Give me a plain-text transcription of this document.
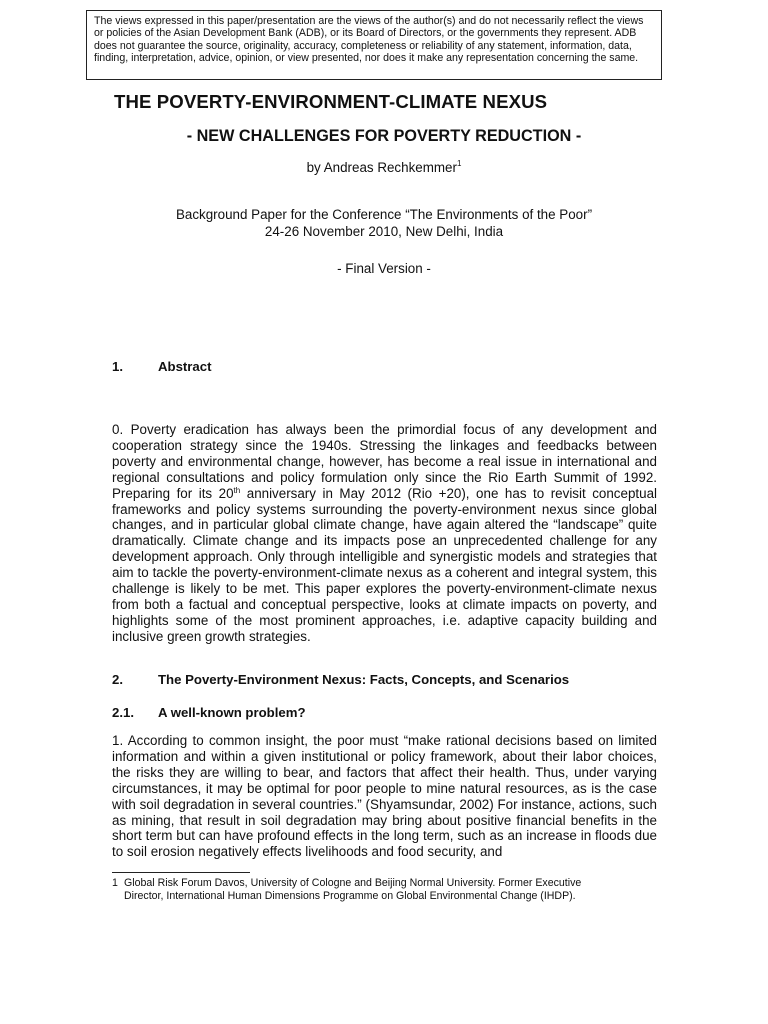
The views expressed in this paper/presentation are the views of the author(s) and do not necessarily reflect the views or policies of the Asian Development Bank (ADB), or its Board of Directors, or the governments they represent. ADB does not guarantee the source, originality, accuracy, completeness or reliability of any statement, information, data, finding, interpretation, advice, opinion, or view presented, nor does it make any representation concerning the same.
THE POVERTY-ENVIRONMENT-CLIMATE NEXUS
- NEW CHALLENGES FOR POVERTY REDUCTION -
by Andreas Rechkemmer$^1$
Background Paper for the Conference “The Environments of the Poor”
24-26 November 2010, New Delhi, India
- Final Version -
1.	Abstract

0. Poverty eradication has always been the primordial focus of any development and cooperation strategy since the 1940s. Stressing the linkages and feedbacks between poverty and environmental change, however, has become a real issue in international and regional consultations and policy formulation only since the Rio Earth Summit of 1992. Preparing for its 20th anniversary in May 2012 (Rio +20), one has to revisit conceptual frameworks and policy systems surrounding the poverty-environment nexus since global changes, and in particular global climate change, have again altered the “landscape” quite dramatically. Climate change and its impacts pose an unprecedented challenge for any development approach. Only through intelligible and synergistic models and strategies that aim to tackle the poverty-environment-climate nexus as a coherent and integral system, this challenge is likely to be met. This paper explores the poverty-environment-climate nexus from both a factual and conceptual perspective, looks at climate impacts on poverty, and highlights some of the most prominent approaches, i.e. adaptive capacity building and inclusive green growth strategies.

2.	The Poverty-Environment Nexus: Facts, Concepts, and Scenarios
2.1. A well-known problem?

1. According to common insight, the poor must “make rational decisions based on limited information and within a given institutional or policy framework, about their labor choices, the risks they are willing to bear, and factors that affect their health. Thus, under varying circumstances, it may be optimal for poor people to mine natural resources, as is the case with soil degradation in several countries.” (Shyamsundar, 2002) For instance, actions, such as mining, that result in soil degradation may bring about positive financial benefits in the short term but can have profound effects in the long term, such as an increase in floods due to soil erosion negatively effects livelihoods and food security, and

1 Global Risk Forum Davos, University of Cologne and Beijing Normal University. Former Executive
Director, International Human Dimensions Programme on Global Environmental Change (IHDP).
